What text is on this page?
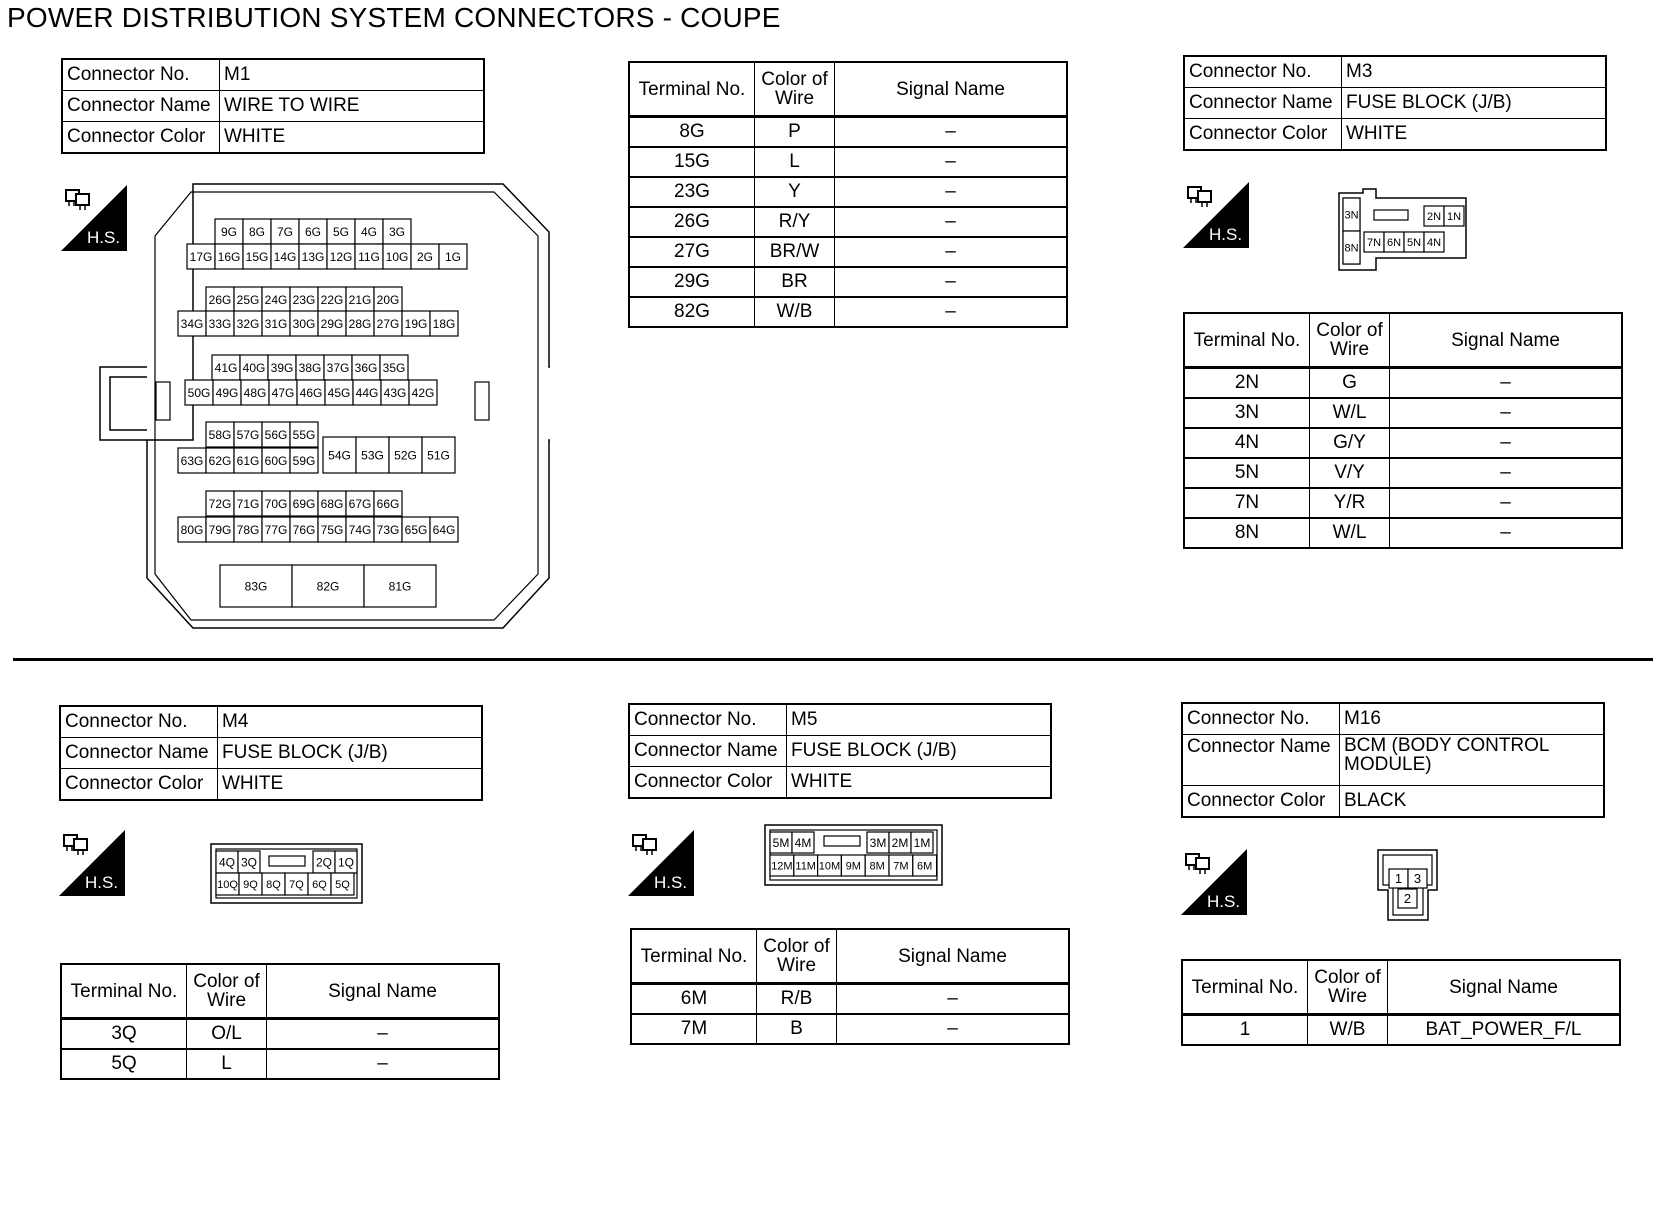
POWER DISTRIBUTION SYSTEM CONNECTORS - COUPE
Connector No.	M1
Connector Name	WIRE TO WIRE
Connector Color	WHITE
H.S.	9G 8G 7G 6G 5G 4G 3G
17G 16G 15G 14G 13G 12G 11G 10G 2G 1G
26G 25G 24G 23G 22G 21G 20G
34G 33G 32G 31G 30G 29G 28G 27G 19G 18G
41G 40G 39G 38G 37G 36G 35G
50G 49G 48G 47G 46G 45G 44G 43G 42G
58G 57G 56G 55G
63G 62G 61G 60G 59G 54G 53G 52G 51G
72G 71G 70G 69G 68G 67G 66G
80G 79G 78G 77G 76G 75G 74G 73G 65G 64G
83G	82G	81G
Terminal No.	Color of Wire	Signal Name
8G	P	–
15G	L	–
23G	Y	–
26G	R/Y	–
27G	BR/W	–
29G	BR	–
82G	W/B	–
Connector No.	M3
Connector Name	FUSE BLOCK (J/B)
Connector Color	WHITE
H.S.
3N
8N
2N 1N
7N 6N 5N 4N
Terminal No.	Color of Wire	Signal Name
2N	G	–
3N	W/L	–
4N	G/Y	–
5N	V/Y	–
7N	Y/R	–
8N	W/L	–
Connector No.	M4
Connector Name	FUSE BLOCK (J/B)
Connector Color	WHITE
H.S.
4Q 3Q	2Q 1Q
10Q 9Q 8Q 7Q 6Q 5Q
Terminal No.	Color of Wire	Signal Name
3Q	O/L	–
5Q	L	–
Connector No.	M5
Connector Name	FUSE BLOCK (J/B)
Connector Color	WHITE
H.S.
5M 4M	3M 2M 1M
12M 11M 10M 9M 8M 7M 6M
Terminal No.	Color of Wire	Signal Name
6M	R/B	–
7M	B	–
Connector No.	M16
Connector Name	BCM (BODY CONTROL MODULE)
Connector Color	BLACK
H.S.
1 3
2
Terminal No.	Color of Wire	Signal Name
1	W/B	BAT_POWER_F/L
